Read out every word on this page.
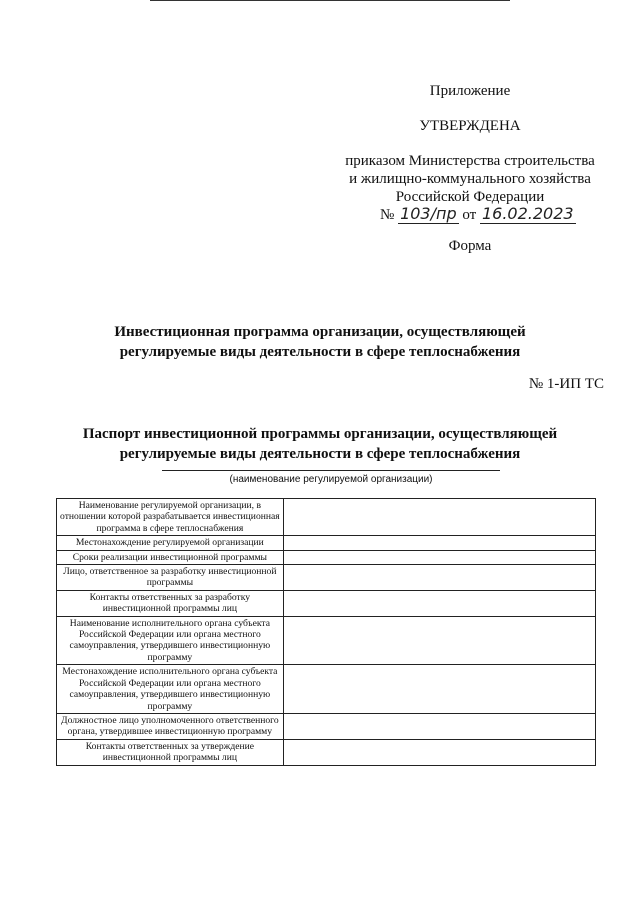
Приложение
УТВЕРЖДЕНА
приказом Министерства строительства
и жилищно-коммунального хозяйства
Российской Федерации
№ 103/пр от 16.02.2023
Форма
Инвестиционная программа организации, осуществляющей
регулируемые виды деятельности в сфере теплоснабжения
№ 1-ИП ТС
Паспорт инвестиционной программы организации, осуществляющей
регулируемые виды деятельности в сфере теплоснабжения
(наименование регулируемой организации)
Наименование регулируемой организации, в отношении которой разрабатывается инвестиционная программа в сфере теплоснабжения	
Местонахождение регулируемой организации	
Сроки реализации инвестиционной программы	
Лицо, ответственное за разработку инвестиционной программы	
Контакты ответственных за разработку инвестиционной программы лиц	
Наименование исполнительного органа субъекта Российской Федерации или органа местного самоуправления, утвердившего инвестиционную программу	
Местонахождение исполнительного органа субъекта Российской Федерации или органа местного самоуправления, утвердившего инвестиционную программу	
Должностное лицо уполномоченного ответственного органа, утвердившее инвестиционную программу	
Контакты ответственных за утверждение инвестиционной программы лиц	
